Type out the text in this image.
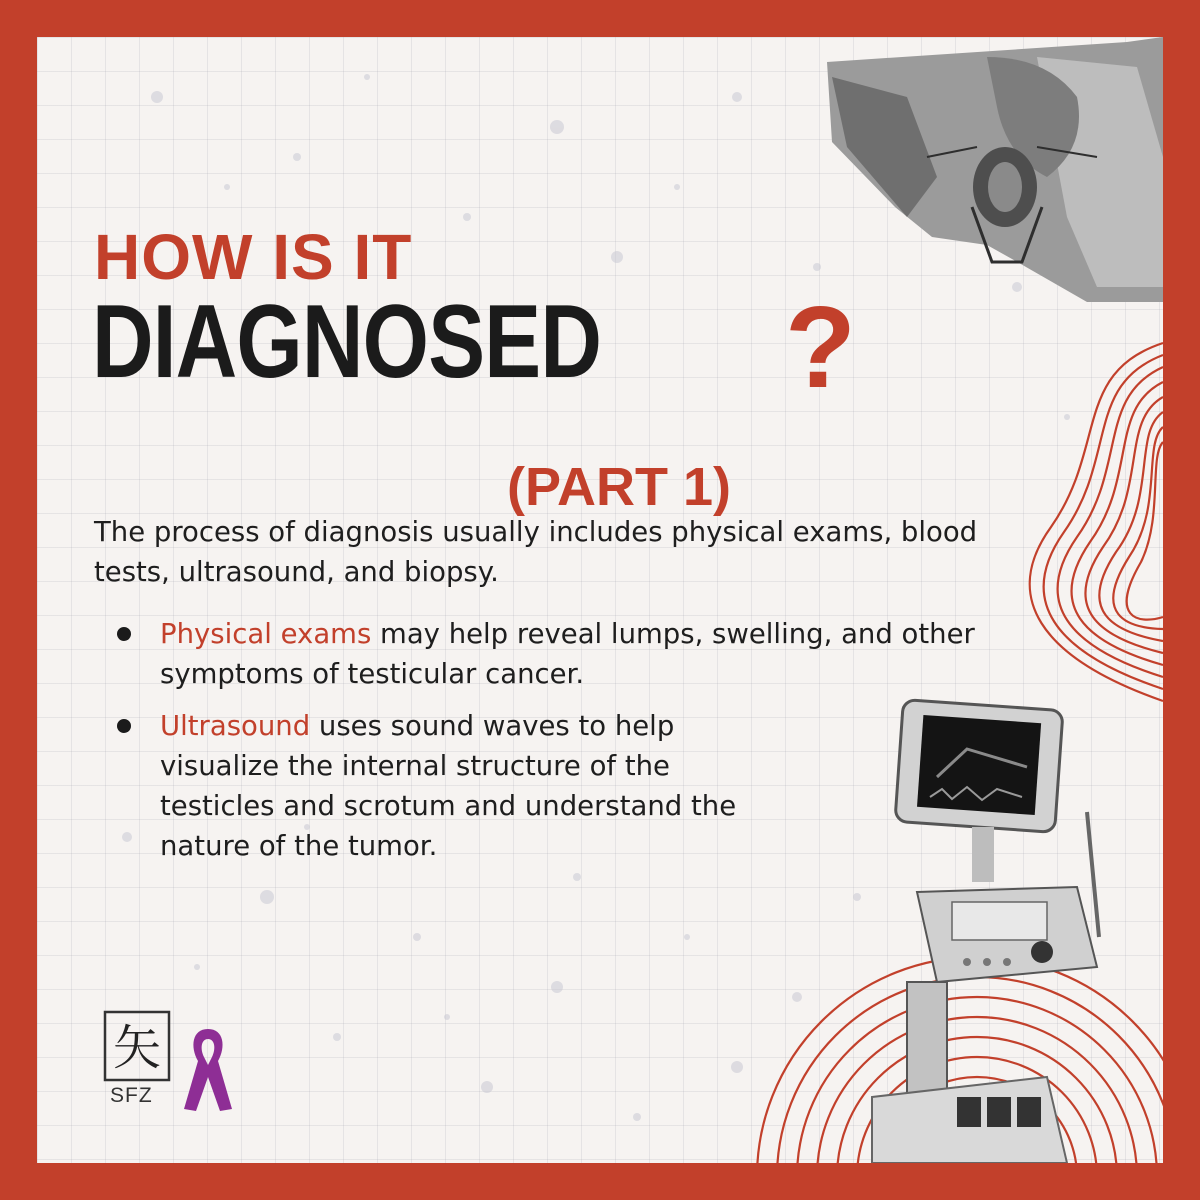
HOW IS IT
DIAGNOSED ?
(PART 1)

The process of diagnosis usually includes physical exams, blood tests, ultrasound, and biopsy.

Physical exams may help reveal lumps, swelling, and other symptoms of testicular cancer.
Ultrasound uses sound waves to help visualize the internal structure of the testicles and scrotum and understand the nature of the tumor.
矢
SFZ
